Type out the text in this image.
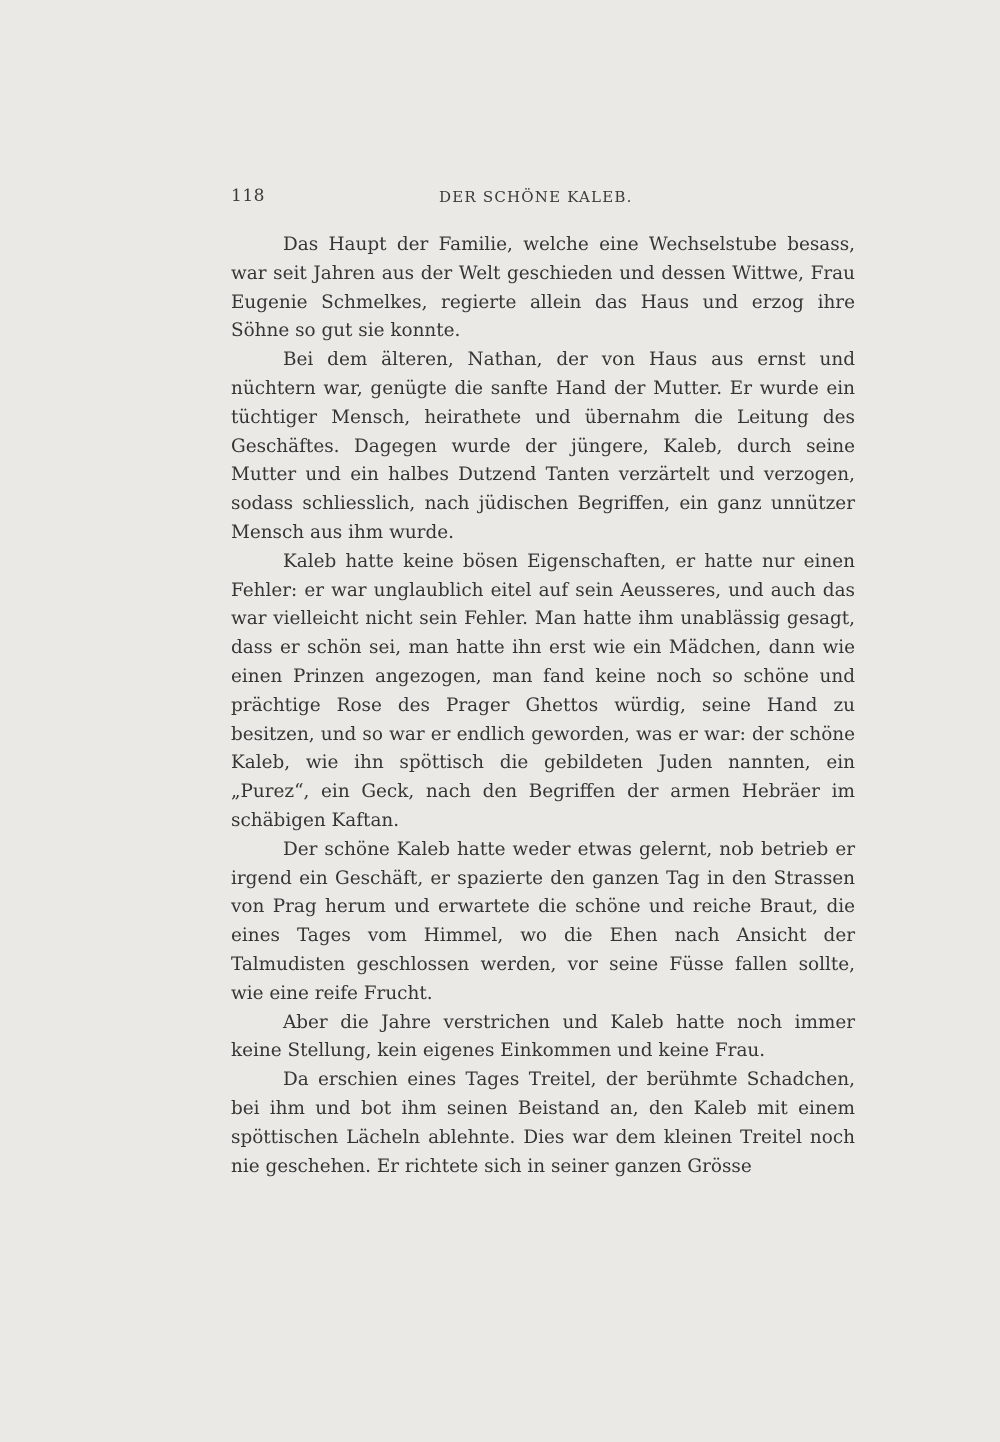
118	DER SCHÖNE KALEB.

Das Haupt der Familie, welche eine Wechselstube besass, war seit Jahren aus der Welt geschieden und dessen Wittwe, Frau Eugenie Schmelkes, regierte allein das Haus und erzog ihre Söhne so gut sie konnte.

Bei dem älteren, Nathan, der von Haus aus ernst und nüchtern war, genügte die sanfte Hand der Mutter. Er wurde ein tüchtiger Mensch, heirathete und übernahm die Leitung des Geschäftes. Dagegen wurde der jüngere, Kaleb, durch seine Mutter und ein halbes Dutzend Tanten verzärtelt und verzogen, sodass schliesslich, nach jüdischen Begriffen, ein ganz unnützer Mensch aus ihm wurde.

Kaleb hatte keine bösen Eigenschaften, er hatte nur einen Fehler: er war unglaublich eitel auf sein Aeusseres, und auch das war vielleicht nicht sein Fehler. Man hatte ihm unablässig gesagt, dass er schön sei, man hatte ihn erst wie ein Mädchen, dann wie einen Prinzen angezogen, man fand keine noch so schöne und prächtige Rose des Prager Ghettos würdig, seine Hand zu besitzen, und so war er endlich geworden, was er war: der schöne Kaleb, wie ihn spöttisch die gebildeten Juden nannten, ein „Purez“, ein Geck, nach den Begriffen der armen Hebräer im schäbigen Kaftan.

Der schöne Kaleb hatte weder etwas gelernt, nob betrieb er irgend ein Geschäft, er spazierte den ganzen Tag in den Strassen von Prag herum und erwartete die schöne und reiche Braut, die eines Tages vom Himmel, wo die Ehen nach Ansicht der Talmudisten geschlossen werden, vor seine Füsse fallen sollte, wie eine reife Frucht.

Aber die Jahre verstrichen und Kaleb hatte noch immer keine Stellung, kein eigenes Einkommen und keine Frau.

Da erschien eines Tages Treitel, der berühmte Schadchen, bei ihm und bot ihm seinen Beistand an, den Kaleb mit einem spöttischen Lächeln ablehnte. Dies war dem kleinen Treitel noch nie geschehen. Er richtete sich in seiner ganzen Grösse
